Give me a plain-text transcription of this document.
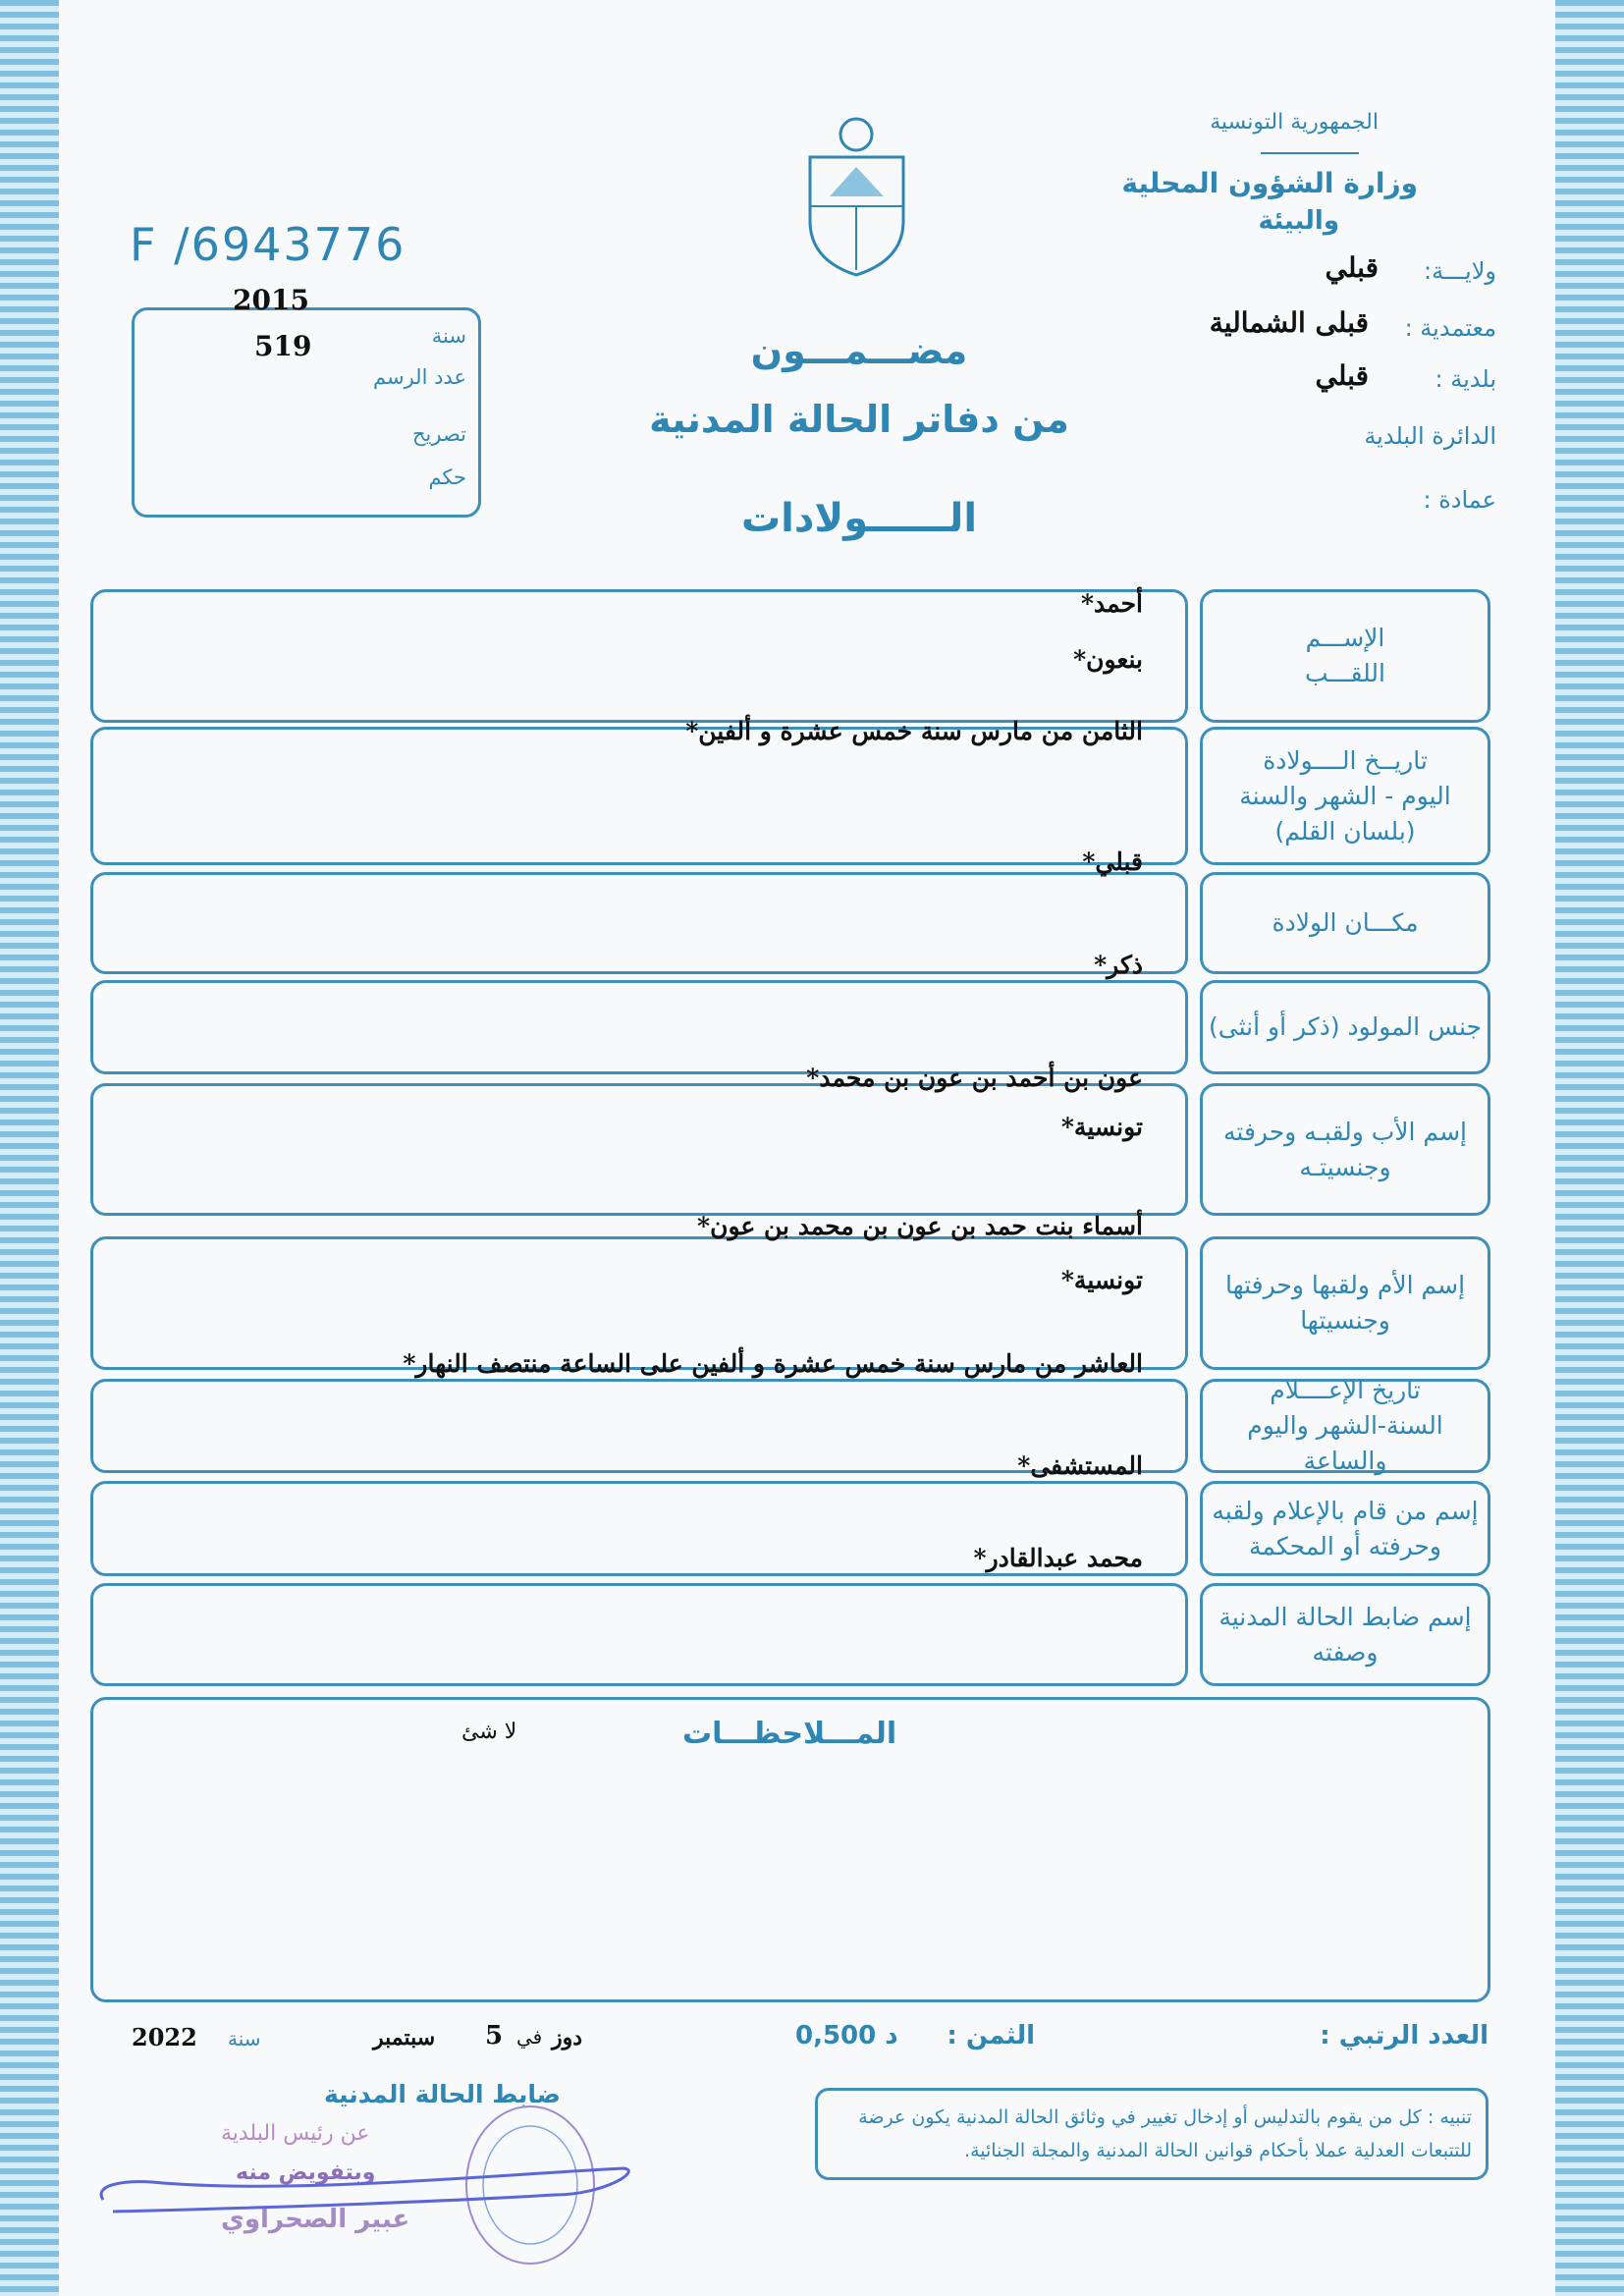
الجمهورية التونسية
وزارة الشؤون المحلية
والبيئة
ولايـــة:
قبلي
معتمدية :
قبلى الشمالية
بلدية :
قبلي
الدائرة البلدية
عمادة :
F /6943776
2015
سنة
519
عدد الرسم
تصريح
حكم
مضـــمـــون
من دفاتر الحالة المدنية
الــــــولادات
الإســـم
اللقـــب
أحمد*
بنعون*
تاريــخ الــــولادة
اليوم - الشهر والسنة
(بلسان القلم)
الثامن من مارس سنة خمس عشرة و ألفين*
مكـــان الولادة
قبلي*
جنس المولود (ذكر أو أنثى)
ذكر*
إسم الأب ولقبـه وحرفته
وجنسيتـه
عون بن أحمد بن عون بن محمد*
تونسية*
إسم الأم ولقبها وحرفتها
وجنسيتها
أسماء بنت حمد بن عون بن محمد بن عون*
تونسية*
تاريخ الإعــــلام
السنة-الشهر واليوم والساعة
العاشر من مارس سنة خمس عشرة و ألفين على الساعة منتصف النهار*
إسم من قام بالإعلام ولقبه
وحرفته أو المحكمة
المستشفى*
إسم ضابط الحالة المدنية
وصفته
محمد عبدالقادر*
المـــلاحظـــات
لا شئ
العدد الرتبي :
الثمن :
0,500 د
2022 سنة	سبتمبر 5 في دوز
ضابط الحالة المدنية
عن رئيس البلدية
وبتفويض منه
عبير الصحراوي
تنبيه : كل من يقوم بالتدليس أو إدخال تغيير في وثائق الحالة المدنية يكون عرضة للتتبعات العدلية عملا بأحكام قوانين الحالة المدنية والمجلة الجنائية.
